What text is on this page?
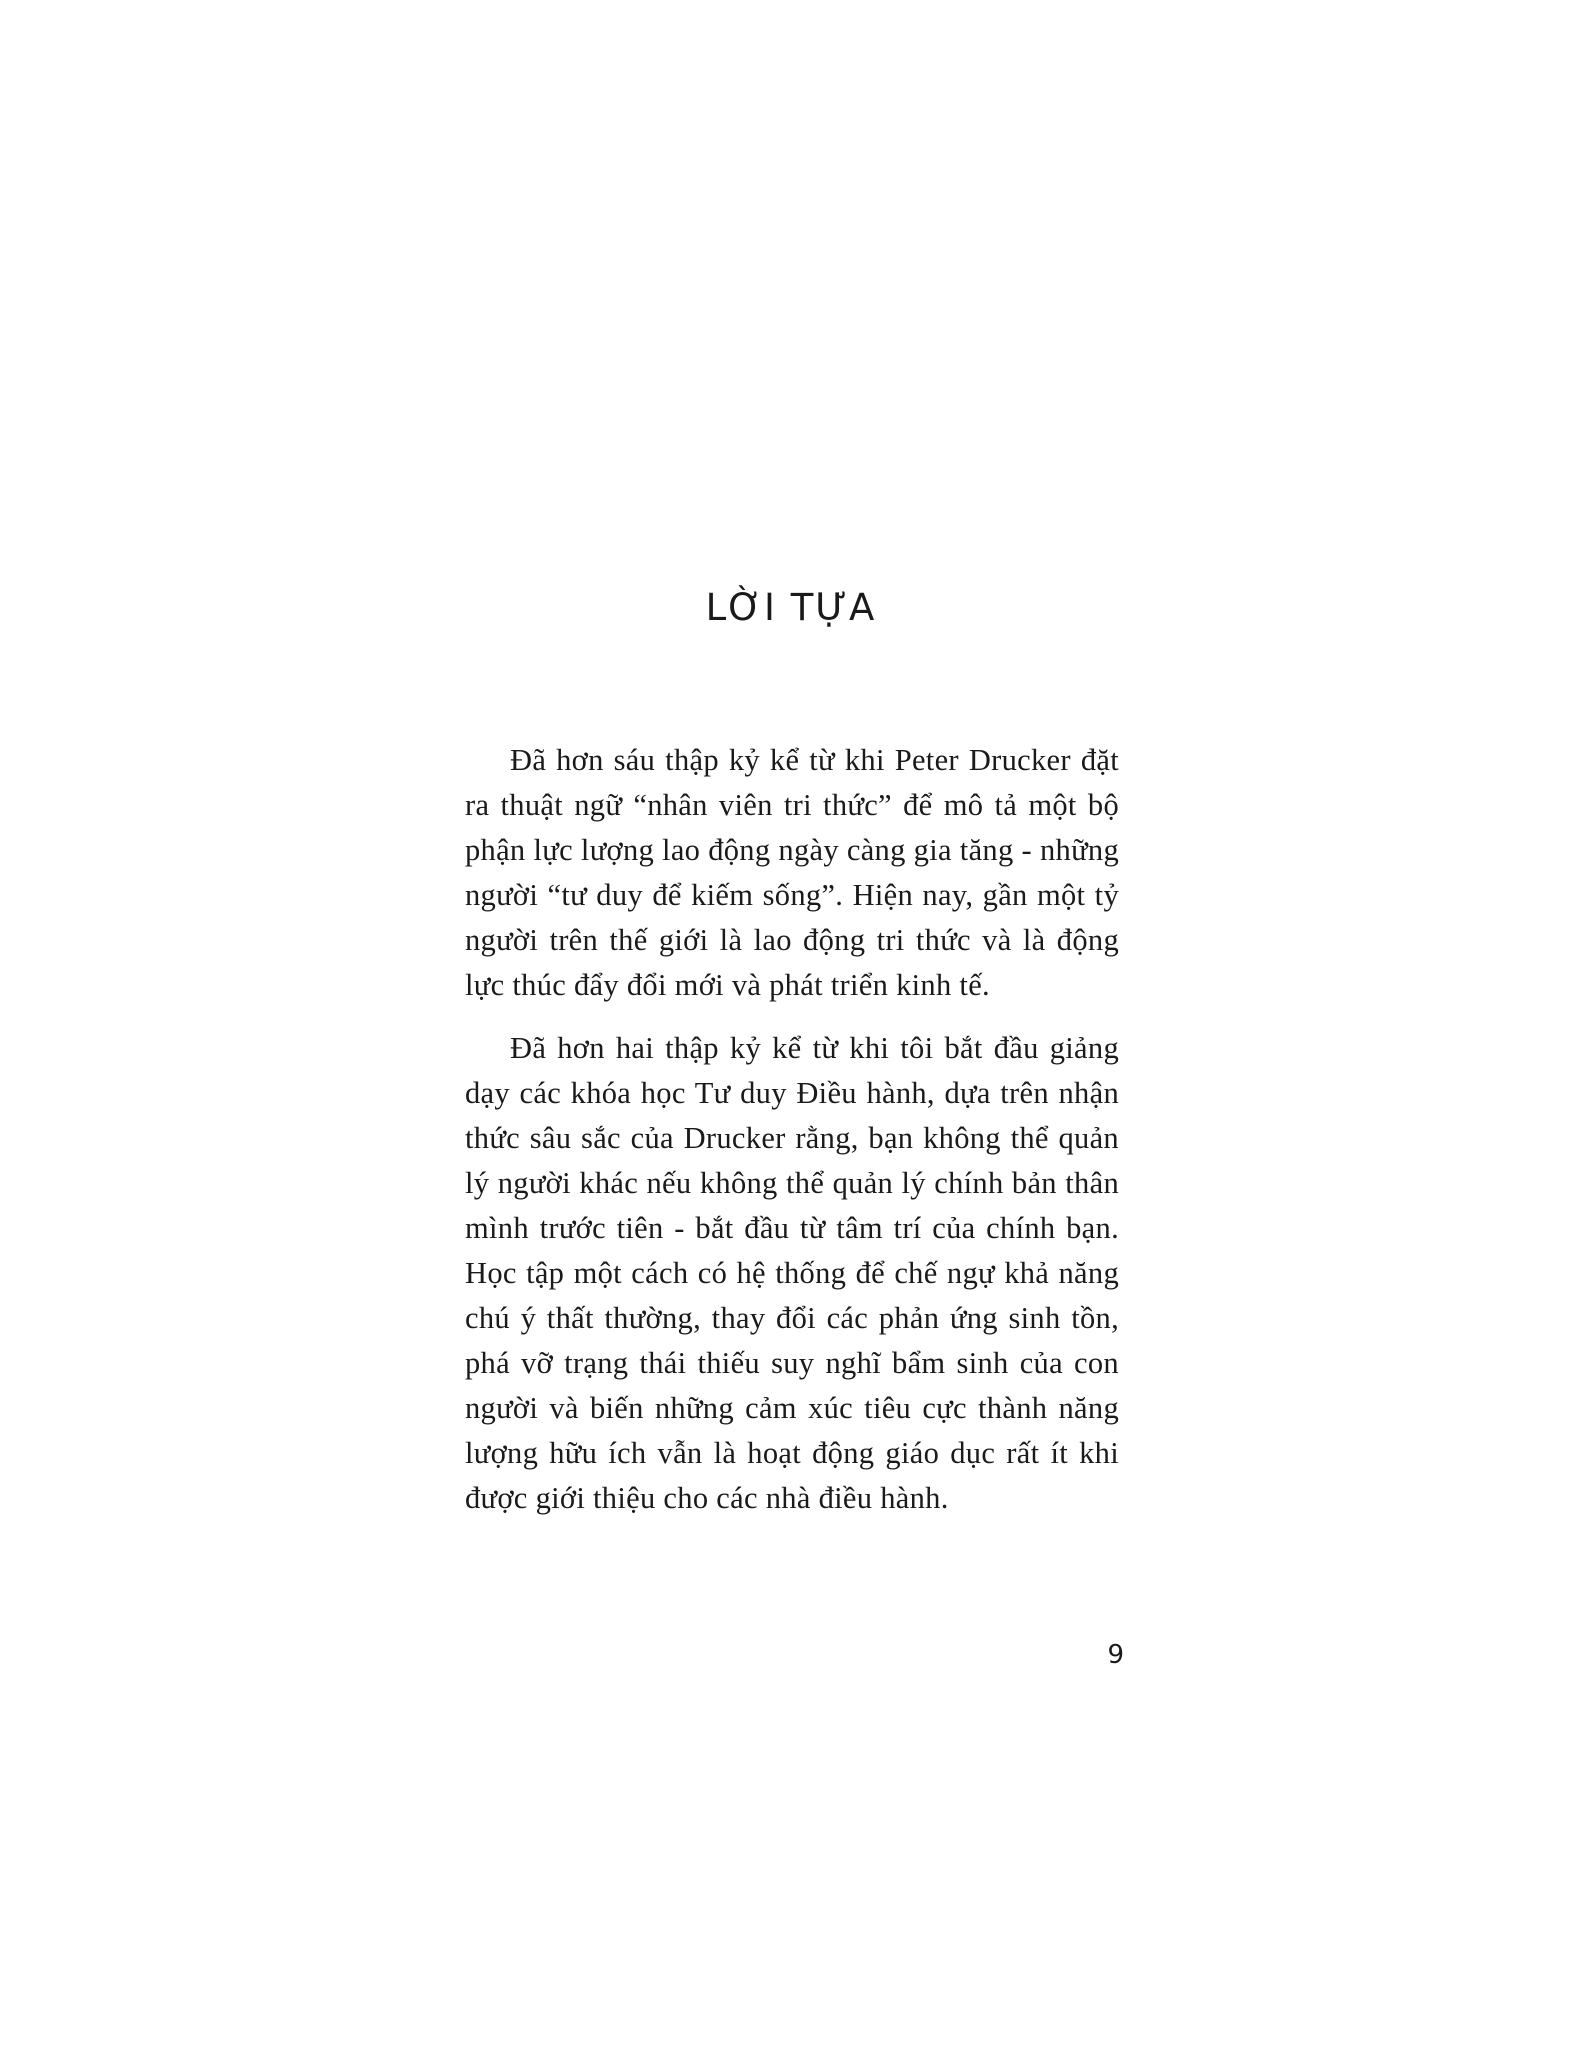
LỜI TỰA

Đã hơn sáu thập kỷ kể từ khi Peter Drucker đặt ra thuật ngữ “nhân viên tri thức” để mô tả một bộ phận lực lượng lao động ngày càng gia tăng - những người “tư duy để kiếm sống”. Hiện nay, gần một tỷ người trên thế giới là lao động tri thức và là động lực thúc đẩy đổi mới và phát triển kinh tế.

Đã hơn hai thập kỷ kể từ khi tôi bắt đầu giảng dạy các khóa học Tư duy Điều hành, dựa trên nhận thức sâu sắc của Drucker rằng, bạn không thể quản lý người khác nếu không thể quản lý chính bản thân mình trước tiên - bắt đầu từ tâm trí của chính bạn. Học tập một cách có hệ thống để chế ngự khả năng chú ý thất thường, thay đổi các phản ứng sinh tồn, phá vỡ trạng thái thiếu suy nghĩ bẩm sinh của con người và biến những cảm xúc tiêu cực thành năng lượng hữu ích vẫn là hoạt động giáo dục rất ít khi được giới thiệu cho các nhà điều hành.

9
